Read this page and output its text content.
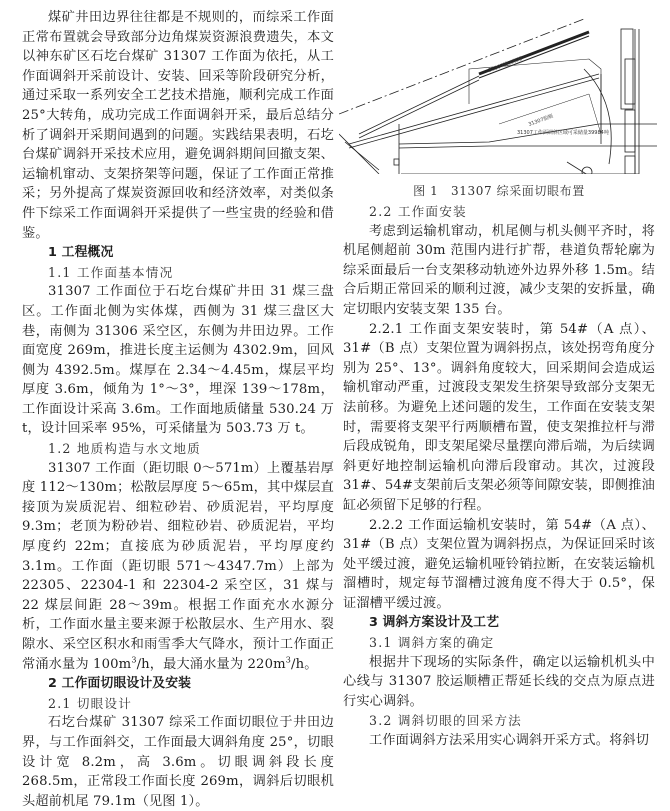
煤矿井田边界往往都是不规则的，而综采工作面正常布置就会导致部分边角煤炭资源浪费遗失，本文以神东矿区石圪台煤矿 31307 工作面为依托，从工作面调斜开采前设计、安装、回采等阶段研究分析，通过采取一系列安全工艺技术措施，顺利完成工作面 25°大转角，成功完成工作面调斜开采，最后总结分析了调斜开采期间遇到的问题。实践结果表明，石圪台煤矿调斜开采技术应用，避免调斜期间回撤支架、运输机窜动、支架挤架等问题，保证了工作面正常推采；另外提高了煤炭资源回收和经济效率，对类似条件下综采工作面调斜开采提供了一些宝贵的经验和借鉴。

1 工程概况
1.1 工作面基本情况

31307 工作面位于石圪台煤矿井田 31 煤三盘区。工作面北侧为实体煤，西侧为 31 煤三盘区大巷，南侧为 31306 采空区，东侧为井田边界。工作面宽度 269m，推进长度主运侧为 4302.9m，回风侧为 4392.5m。煤厚在 2.34～4.45m，煤层平均厚度 3.6m，倾角为 1°～3°，埋深 139～178m，工作面设计采高 3.6m。工作面地质储量 530.24 万 t，设计回采率 95%，可采储量为 503.73 万 t。

1.2 地质构造与水文地质

31307 工作面（距切眼 0～571m）上覆基岩厚度 112～130m；松散层厚度 5～65m，其中煤层直接顶为炭质泥岩、细粒砂岩、砂质泥岩，平均厚度 9.3m；老顶为粉砂岩、细粒砂岩、砂质泥岩，平均厚度约 22m；直接底为砂质泥岩，平均厚度约 3.1m。工作面（距切眼 571～4347.7m）上部为 22305、22304-1 和 22304-2 采空区，31 煤与 22 煤层间距 28～39m。根据工作面充水水源分析，工作面水量主要来源于松散层水、生产用水、裂隙水、采空区积水和雨雪季大气降水，预计工作面正常涌水量为 $100m^3/h$，最大涌水量为 $220m^3/h$。

2 工作面切眼设计及安装
2.1 切眼设计

石圪台煤矿 31307 综采工作面切眼位于井田边界，与工作面斜交，工作面最大调斜角度 25°，切眼设计宽 8.2m，高 3.6m。切眼调斜段长度 268.5m，正常段工作面长度 269m，调斜后切眼机头超前机尾 79.1m（见图 1）。

31307辅运顺槽
31307胶顺
31307工作面调斜区域可采储量39984吨
图 1　31307 综采面切眼布置
2.2 工作面安装

考虑到运输机窜动，机尾侧与机头侧平齐时，将机尾侧超前 30m 范围内进行扩帮，巷道负帮轮廓为综采面最后一台支架移动轨迹外边界外移 1.5m。结合后期正常回采的顺利过渡，减少支架的安拆量，确定切眼内安装支架 135 台。

2.2.1 工作面支架安装时，第 54#（A 点）、31#（B 点）支架位置为调斜拐点，该处拐弯角度分别为 25°、13°。调斜角度较大，回采期间会造成运输机窜动严重，过渡段支架发生挤架导致部分支架无法前移。为避免上述问题的发生，工作面在安装支架时，需要将支架平行两顺槽布置，使支架推拉杆与滞后段成锐角，即支架尾梁尽量摆向滞后端，为后续调斜更好地控制运输机向滞后段窜动。其次，过渡段 31#、54#支架前后支架必须等间隙安装，即侧推油缸必须留下足够的行程。

2.2.2 工作面运输机安装时，第 54#（A 点）、31#（B 点）支架位置为调斜拐点，为保证回采时该处平缓过渡，避免运输机哑铃销拉断，在安装运输机溜槽时，规定每节溜槽过渡角度不得大于 0.5°，保证溜槽平缓过渡。

3 调斜方案设计及工艺
3.1 调斜方案的确定

根据井下现场的实际条件，确定以运输机机头中心线与 31307 胶运顺槽正帮延长线的交点为原点进行实心调斜。

3.2 调斜切眼的回采方法

工作面调斜方法采用实心调斜开采方式。将斜切
